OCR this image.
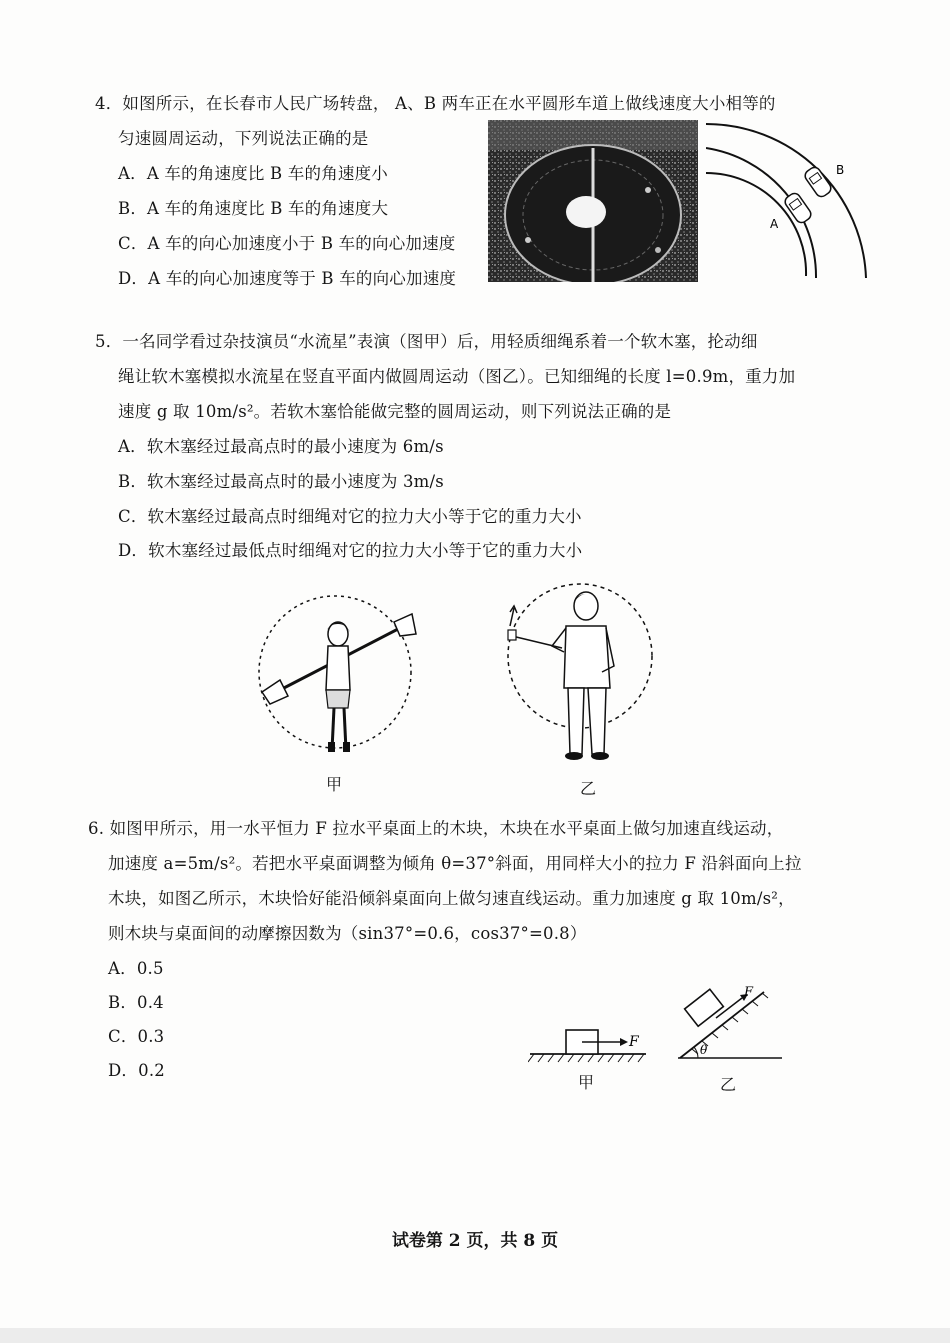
4．如图所示，在长春市人民广场转盘， A、B 两车正在水平圆形车道上做线速度大小相等的
匀速圆周运动，下列说法正确的是
A．A 车的角速度比 B 车的角速度小
B．A 车的角速度比 B 车的角速度大
C．A 车的向心加速度小于 B 车的向心加速度
D．A 车的向心加速度等于 B 车的向心加速度
A
B
5．一名同学看过杂技演员“水流星”表演（图甲）后，用轻质细绳系着一个软木塞，抡动细
绳让软木塞模拟水流星在竖直平面内做圆周运动（图乙）。已知细绳的长度 l=0.9m，重力加
速度 g 取 10m/s²。若软木塞恰能做完整的圆周运动，则下列说法正确的是
A．软木塞经过最高点时的最小速度为 6m/s
B．软木塞经过最高点时的最小速度为 3m/s
C．软木塞经过最高点时细绳对它的拉力大小等于它的重力大小
D．软木塞经过最低点时细绳对它的拉力大小等于它的重力大小
甲	乙
6. 如图甲所示，用一水平恒力 F 拉水平桌面上的木块，木块在水平桌面上做匀加速直线运动，
加速度 a=5m/s²。若把水平桌面调整为倾角 θ=37°斜面，用同样大小的拉力 F 沿斜面向上拉
木块，如图乙所示，木块恰好能沿倾斜桌面向上做匀速直线运动。重力加速度 g 取 10m/s²，
则木块与桌面间的动摩擦因数为（sin37°=0.6，cos37°=0.8）
A．0.5
B．0.4
C．0.3
D．0.2
F
甲
F
θ
乙
试卷第 2 页，共 8 页
